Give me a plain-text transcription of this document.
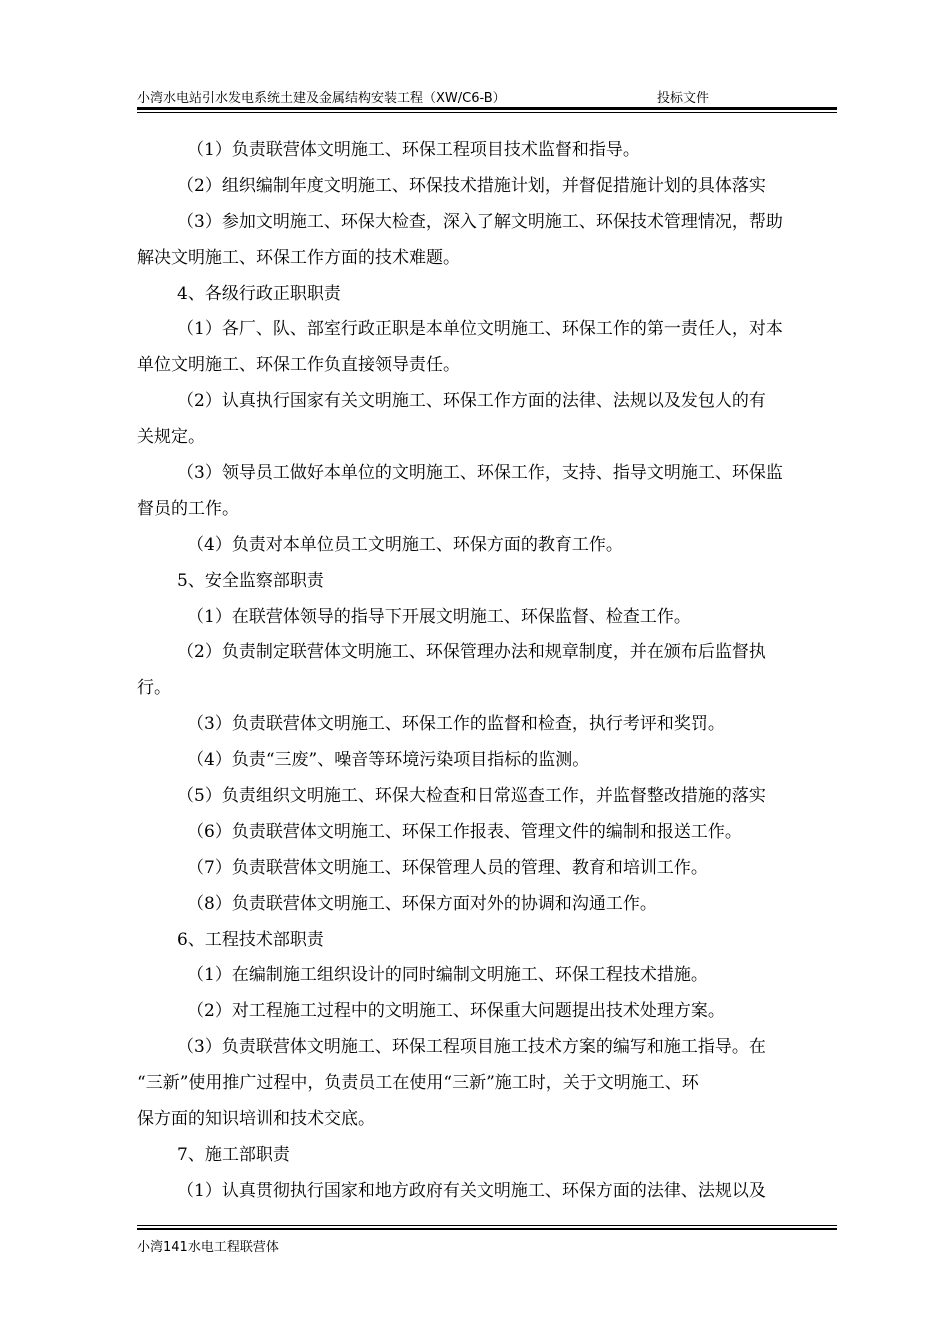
小湾水电站引水发电系统土建及金属结构安装工程（XW/C6-B）	投标文件
（1）负责联营体文明施工、环保工程项目技术监督和指导。
（2）组织编制年度文明施工、环保技术措施计划，并督促措施计划的具体落实
（3）参加文明施工、环保大检查，深入了解文明施工、环保技术管理情况，帮助
解决文明施工、环保工作方面的技术难题。
4、各级行政正职职责
（1）各厂、队、部室行政正职是本单位文明施工、环保工作的第一责任人，对本
单位文明施工、环保工作负直接领导责任。
（2）认真执行国家有关文明施工、环保工作方面的法律、法规以及发包人的有
关规定。
（3）领导员工做好本单位的文明施工、环保工作，支持、指导文明施工、环保监
督员的工作。
（4）负责对本单位员工文明施工、环保方面的教育工作。
5、安全监察部职责
（1）在联营体领导的指导下开展文明施工、环保监督、检查工作。
（2）负责制定联营体文明施工、环保管理办法和规章制度，并在颁布后监督执
行。
（3）负责联营体文明施工、环保工作的监督和检查，执行考评和奖罚。
（4）负责“三废”、噪音等环境污染项目指标的监测。
（5）负责组织文明施工、环保大检查和日常巡查工作，并监督整改措施的落实
（6）负责联营体文明施工、环保工作报表、管理文件的编制和报送工作。
（7）负责联营体文明施工、环保管理人员的管理、教育和培训工作。
（8）负责联营体文明施工、环保方面对外的协调和沟通工作。
6、工程技术部职责
（1）在编制施工组织设计的同时编制文明施工、环保工程技术措施。
（2）对工程施工过程中的文明施工、环保重大问题提出技术处理方案。
（3）负责联营体文明施工、环保工程项目施工技术方案的编写和施工指导。在
“三新”使用推广过程中，负责员工在使用“三新”施工时，关于文明施工、环
保方面的知识培训和技术交底。
7、施工部职责
（1）认真贯彻执行国家和地方政府有关文明施工、环保方面的法律、法规以及
小湾141水电工程联营体
